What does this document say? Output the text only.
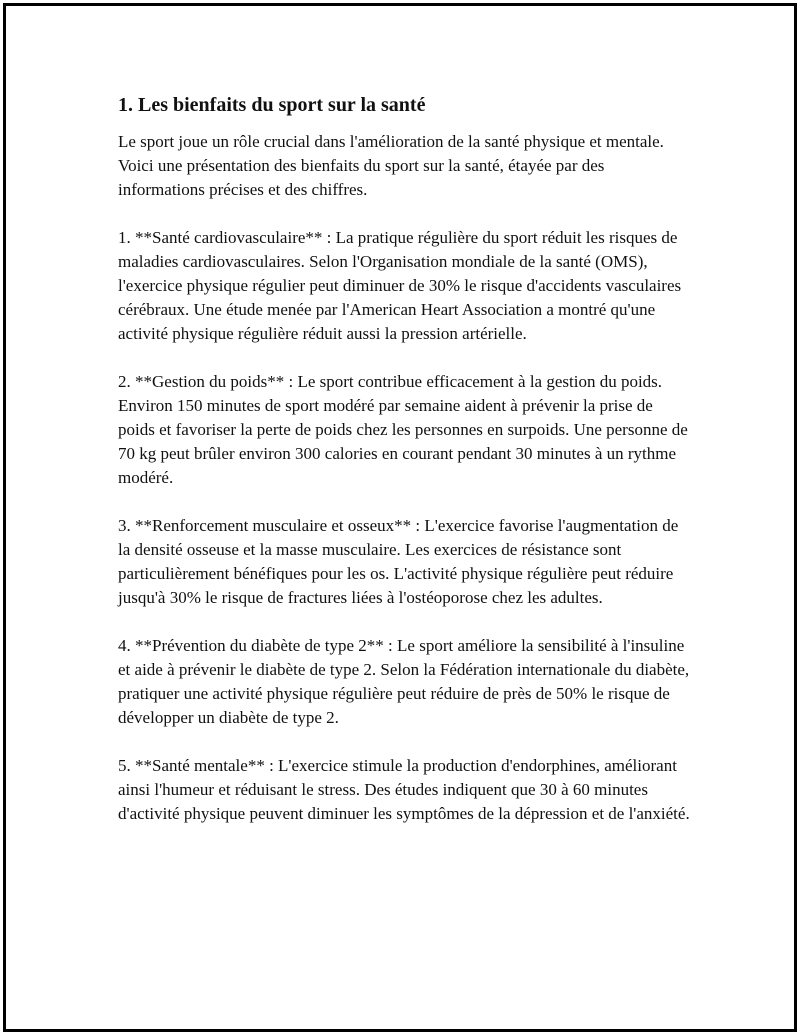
1. Les bienfaits du sport sur la santé

Le sport joue un rôle crucial dans l'amélioration de la santé physique et mentale. Voici une présentation des bienfaits du sport sur la santé, étayée par des informations précises et des chiffres.

1. **Santé cardiovasculaire** : La pratique régulière du sport réduit les risques de maladies cardiovasculaires. Selon l'Organisation mondiale de la santé (OMS), l'exercice physique régulier peut diminuer de 30% le risque d'accidents vasculaires cérébraux. Une étude menée par l'American Heart Association a montré qu'une activité physique régulière réduit aussi la pression artérielle.

2. **Gestion du poids** : Le sport contribue efficacement à la gestion du poids. Environ 150 minutes de sport modéré par semaine aident à prévenir la prise de poids et favoriser la perte de poids chez les personnes en surpoids. Une personne de 70 kg peut brûler environ 300 calories en courant pendant 30 minutes à un rythme modéré.

3. **Renforcement musculaire et osseux** : L'exercice favorise l'augmentation de la densité osseuse et la masse musculaire. Les exercices de résistance sont particulièrement bénéfiques pour les os. L'activité physique régulière peut réduire jusqu'à 30% le risque de fractures liées à l'ostéoporose chez les adultes.

4. **Prévention du diabète de type 2** : Le sport améliore la sensibilité à l'insuline et aide à prévenir le diabète de type 2. Selon la Fédération internationale du diabète, pratiquer une activité physique régulière peut réduire de près de 50% le risque de développer un diabète de type 2.

5. **Santé mentale** : L'exercice stimule la production d'endorphines, améliorant ainsi l'humeur et réduisant le stress. Des études indiquent que 30 à 60 minutes d'activité physique peuvent diminuer les symptômes de la dépression et de l'anxiété.
